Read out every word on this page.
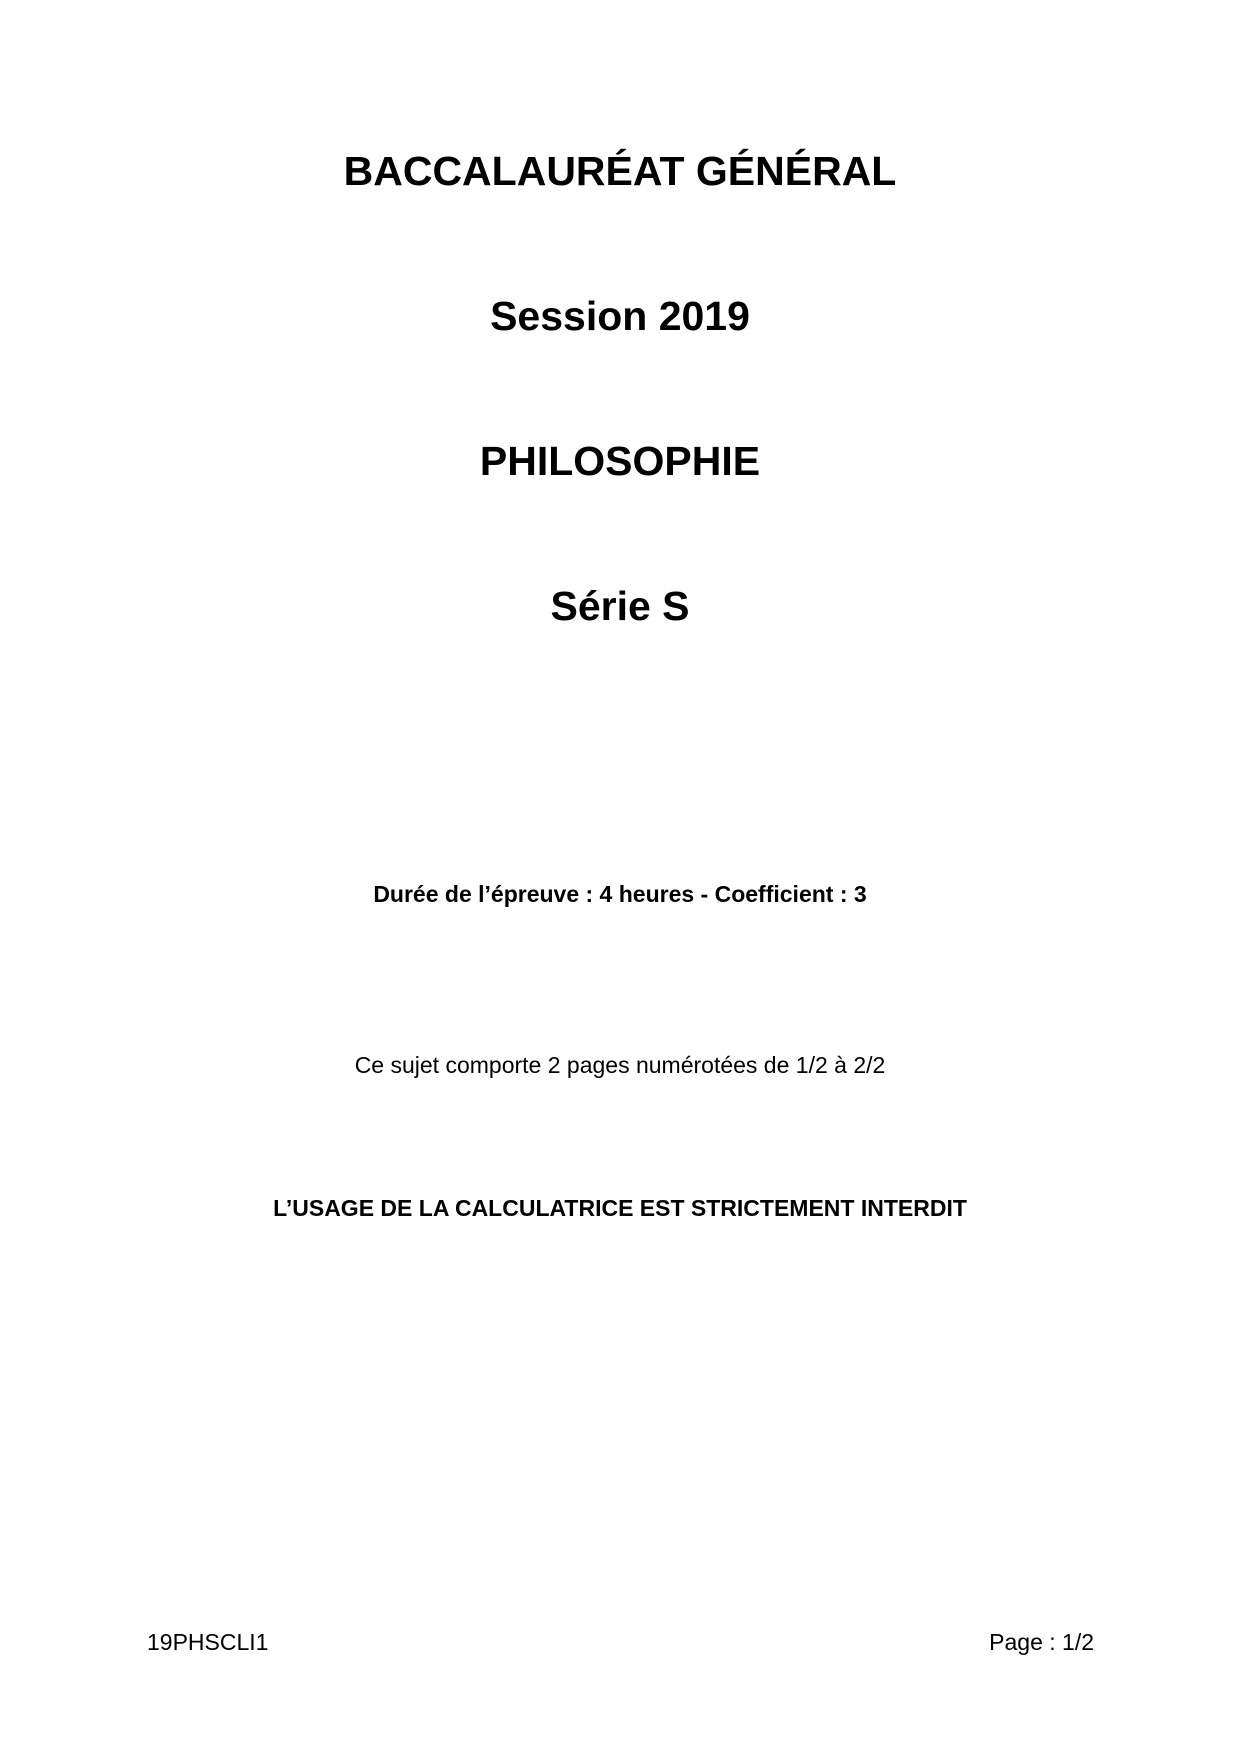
BACCALAURÉAT GÉNÉRAL
Session 2019
PHILOSOPHIE
Série S
Durée de l’épreuve : 4 heures - Coefficient : 3
Ce sujet comporte 2 pages numérotées de 1/2 à 2/2
L’USAGE DE LA CALCULATRICE EST STRICTEMENT INTERDIT
19PHSCLI1	Page : 1/2
